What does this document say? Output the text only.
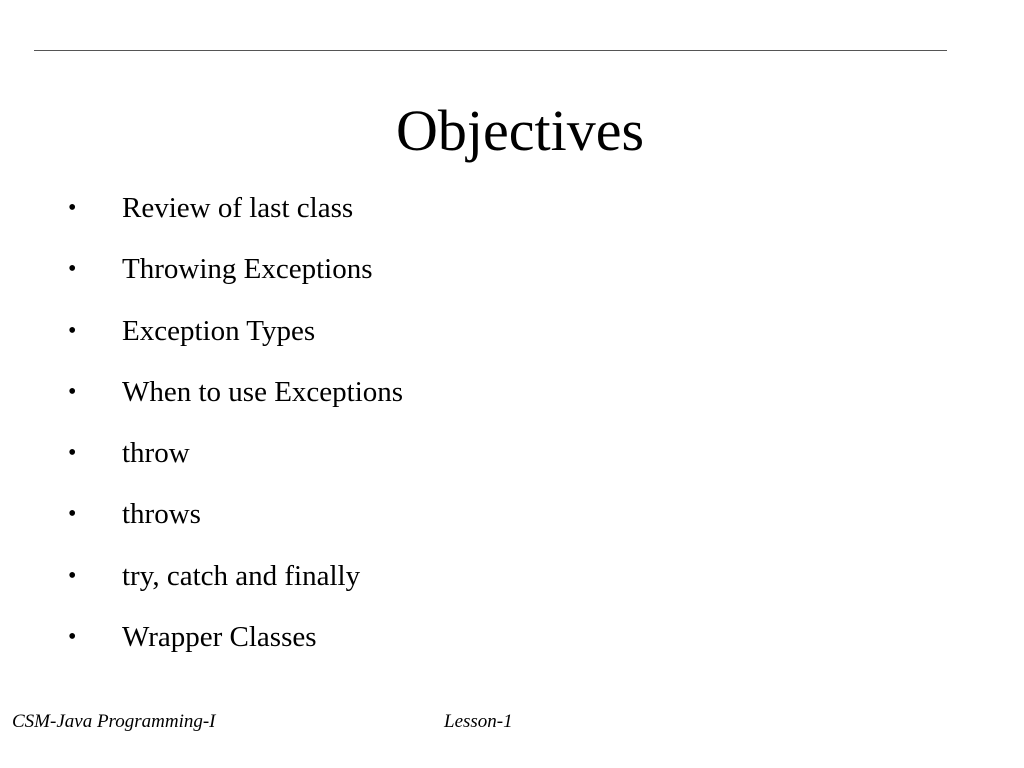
Objectives
• Review of last class
• Throwing Exceptions
• Exception Types
• When to use Exceptions
• throw
• throws
• try, catch and finally
• Wrapper Classes
CSM-Java Programming-I	Lesson-1
